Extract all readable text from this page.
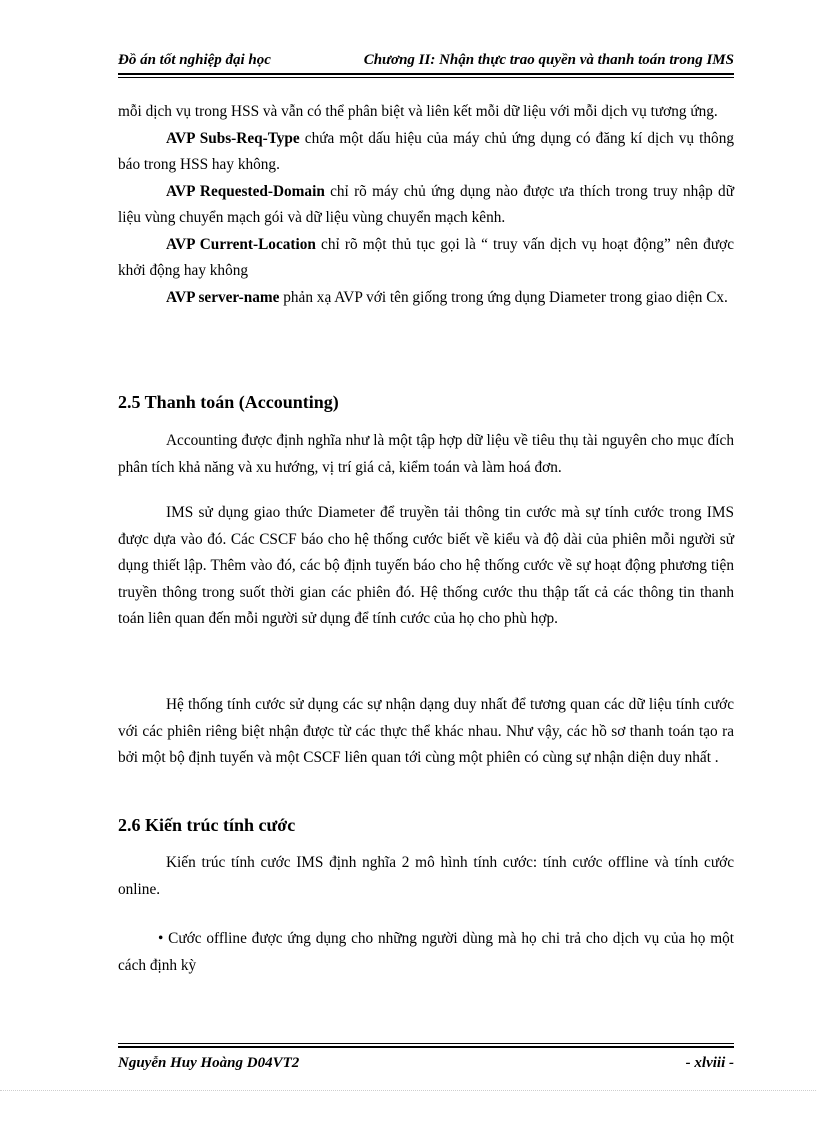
Đồ án tốt nghiệp đại học	Chương II: Nhận thực trao quyền và thanh toán trong IMS

mỗi dịch vụ trong HSS và vẫn có thể phân biệt và liên kết mỗi dữ liệu với mỗi dịch vụ tương ứng.

AVP Subs-Req-Type chứa một dấu hiệu của máy chủ ứng dụng có đăng kí dịch vụ thông báo trong HSS hay không.

AVP Requested-Domain chỉ rõ máy chủ ứng dụng nào được ưa thích trong truy nhập dữ liệu vùng chuyển mạch gói và dữ liệu vùng chuyển mạch kênh.

AVP Current-Location chỉ rõ một thủ tục gọi là “ truy vấn dịch vụ hoạt động” nên được khởi động hay không

AVP server-name phản xạ AVP với tên giống trong ứng dụng Diameter trong giao diện Cx.

2.5 Thanh toán (Accounting)

Accounting được định nghĩa như là một tập hợp dữ liệu về tiêu thụ tài nguyên cho mục đích phân tích khả năng và xu hướng, vị trí giá cả, kiểm toán và làm hoá đơn.

IMS sử dụng giao thức Diameter để truyền tải thông tin cước mà sự tính cước trong IMS được dựa vào đó. Các CSCF báo cho hệ thống cước biết về kiểu và độ dài của phiên mỗi người sử dụng thiết lập. Thêm vào đó, các bộ định tuyến báo cho hệ thống cước về sự hoạt động phương tiện truyền thông trong suốt thời gian các phiên đó. Hệ thống cước thu thập tất cả các thông tin thanh toán liên quan đến mỗi người sử dụng để tính cước của họ cho phù hợp.

Hệ thống tính cước sử dụng các sự nhận dạng duy nhất để tương quan các dữ liệu tính cước với các phiên riêng biệt nhận được từ các thực thể khác nhau. Như vậy, các hồ sơ thanh toán tạo ra bởi một bộ định tuyến và một CSCF liên quan tới cùng một phiên có cùng sự nhận diện duy nhất .

2.6 Kiến trúc tính cước

Kiến trúc tính cước IMS định nghĩa 2 mô hình tính cước: tính cước offline và tính cước online.

• Cước offline được ứng dụng cho những người dùng mà họ chi trả cho dịch vụ của họ một cách định kỳ

Nguyễn Huy Hoàng D04VT2	- xlviii -
